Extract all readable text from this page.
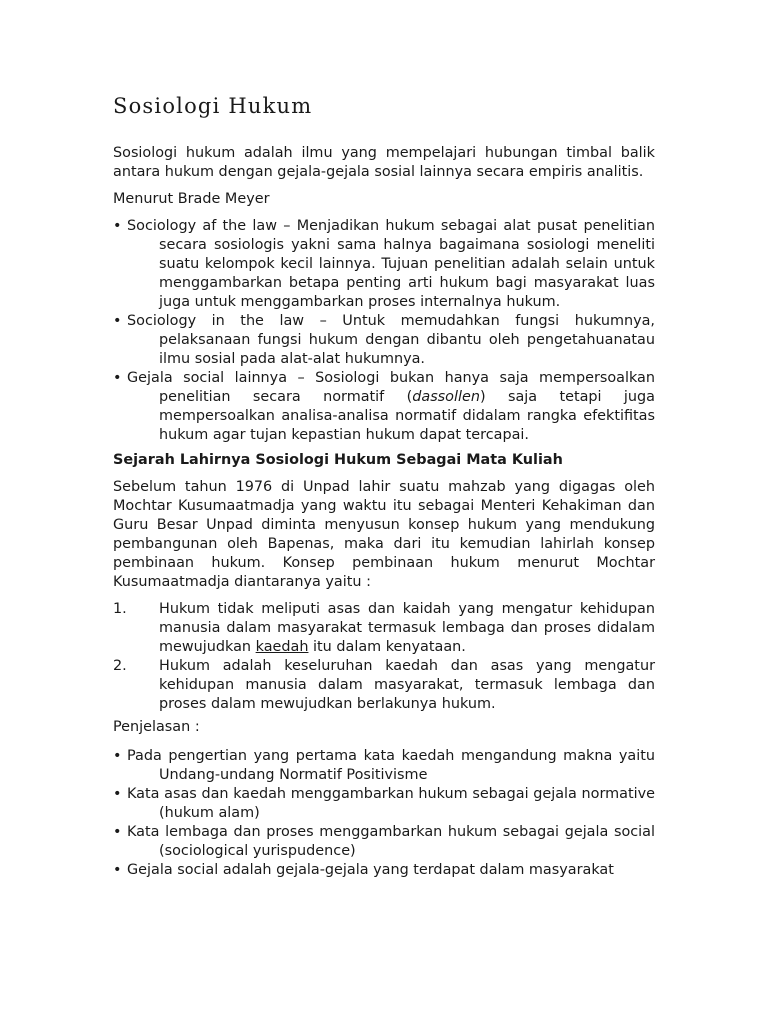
Sosiologi Hukum

Sosiologi hukum adalah ilmu yang mempelajari hubungan timbal balik antara hukum dengan gejala-gejala sosial lainnya secara empiris analitis.

Menurut Brade Meyer

• Sociology af the law – Menjadikan hukum sebagai alat pusat penelitian secara sosiologis yakni sama halnya bagaimana sosiologi meneliti suatu kelompok kecil lainnya. Tujuan penelitian adalah selain untuk menggambarkan betapa penting arti hukum bagi masyarakat luas juga untuk menggambarkan proses internalnya hukum.
• Sociology in the law – Untuk memudahkan fungsi hukumnya, pelaksanaan fungsi hukum dengan dibantu oleh pengetahuanatau ilmu sosial pada alat-alat hukumnya.
• Gejala social lainnya – Sosiologi bukan hanya saja mempersoalkan penelitian secara normatif (dassollen) saja tetapi juga mempersoalkan analisa-analisa normatif didalam rangka efektifitas hukum agar tujan kepastian hukum dapat tercapai.
Sejarah Lahirnya Sosiologi Hukum Sebagai Mata Kuliah

Sebelum tahun 1976 di Unpad lahir suatu mahzab yang digagas oleh Mochtar Kusumaatmadja yang waktu itu sebagai Menteri Kehakiman dan Guru Besar Unpad diminta menyusun konsep hukum yang mendukung pembangunan oleh Bapenas, maka dari itu kemudian lahirlah konsep pembinaan hukum. Konsep pembinaan hukum menurut Mochtar Kusumaatmadja diantaranya yaitu :

1. Hukum tidak meliputi asas dan kaidah yang mengatur kehidupan manusia dalam masyarakat termasuk lembaga dan proses didalam mewujudkan kaedah itu dalam kenyataan.
2. Hukum adalah keseluruhan kaedah dan asas yang mengatur kehidupan manusia dalam masyarakat, termasuk lembaga dan proses dalam mewujudkan berlakunya hukum.

Penjelasan :

• Pada pengertian yang pertama kata kaedah mengandung makna yaitu Undang-undang Normatif Positivisme
• Kata asas dan kaedah menggambarkan hukum sebagai gejala normative (hukum alam)
• Kata lembaga dan proses menggambarkan hukum sebagai gejala social (sociological yurispudence)
• Gejala social adalah gejala-gejala yang terdapat dalam masyarakat
